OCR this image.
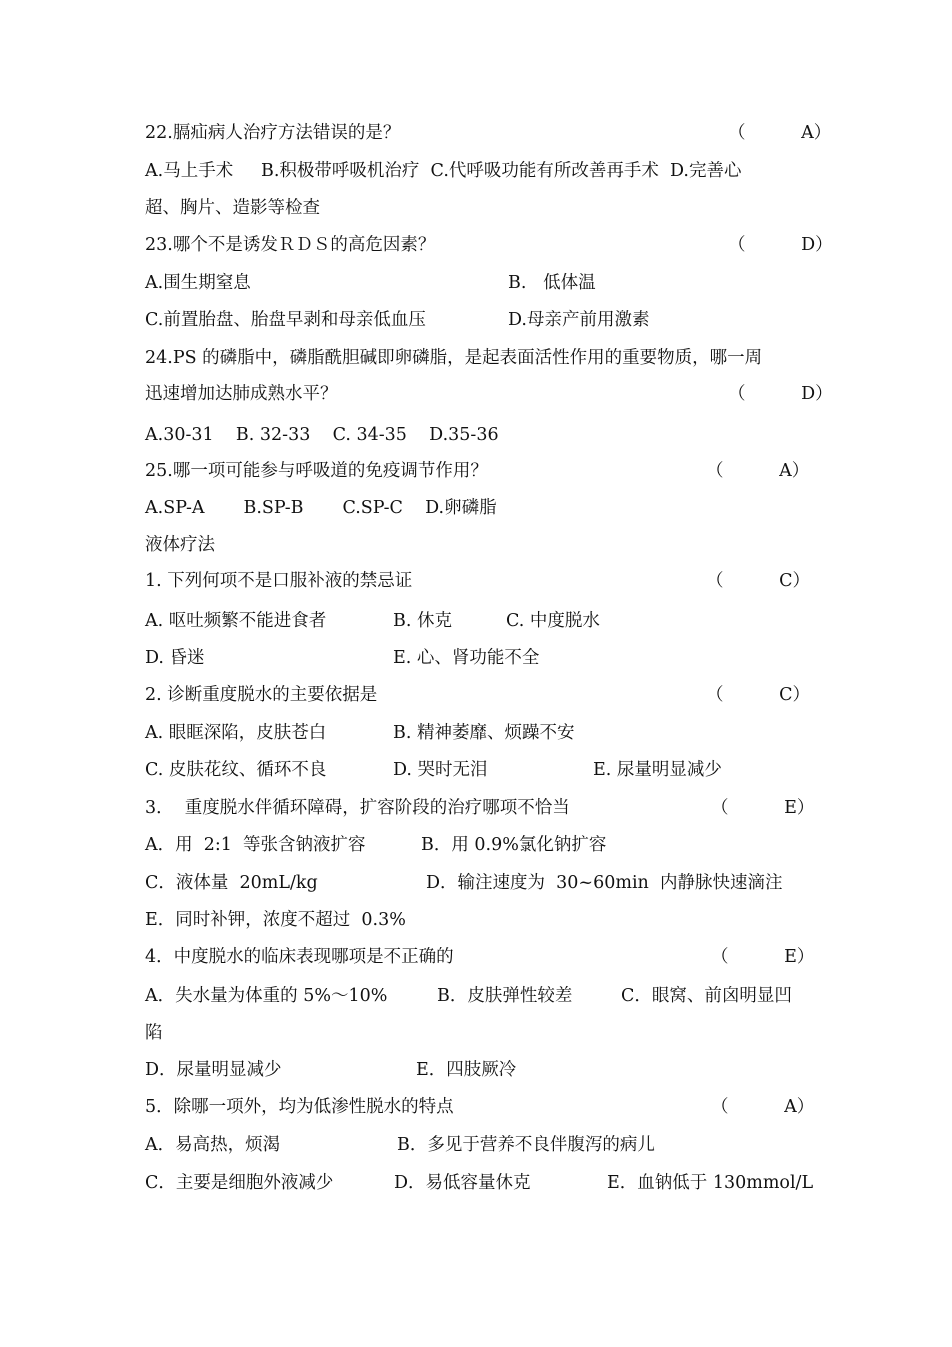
22.膈疝病人治疗方法错误的是？	（          A）
A.马上手术     B.积极带呼吸机治疗  C.代呼吸功能有所改善再手术  D.完善心
超、胸片、造影等检查
23.哪个不是诱发ＲＤＳ的高危因素？	（          D）
A.围生期窒息	B.   低体温
C.前置胎盘、胎盘早剥和母亲低血压	D.母亲产前用激素
24.PS 的磷脂中，磷脂酰胆碱即卵磷脂，是起表面活性作用的重要物质，哪一周
迅速增加达肺成熟水平？	（          D）
A.30-31    B. 32-33    C. 34-35    D.35-36
25.哪一项可能参与呼吸道的免疫调节作用？	（          A）
A.SP-A       B.SP-B       C.SP-C    D.卵磷脂
液体疗法
1. 下列何项不是口服补液的禁忌证	（          C）
A. 呕吐频繁不能进食者	B. 休克	C. 中度脱水
D. 昏迷	E. 心、肾功能不全
2. 诊断重度脱水的主要依据是	（          C）
A. 眼眶深陷，皮肤苍白	B. 精神萎靡、烦躁不安
C. 皮肤花纹、循环不良	D. 哭时无泪	E. 尿量明显减少
3．  重度脱水伴循环障碍，扩容阶段的治疗哪项不恰当	（          E）
A．用  2:1  等张含钠液扩容	B．用 0.9%氯化钠扩容
C．液体量  20mL/kg	D．输注速度为  30~60min  内静脉快速滴注
E．同时补钾，浓度不超过  0.3%
4．中度脱水的临床表现哪项是不正确的	（          E）
A．失水量为体重的 5%～10%	B．皮肤弹性较差	C．眼窝、前囟明显凹
陷
D．尿量明显减少	E．四肢厥冷
5．除哪一项外，均为低渗性脱水的特点	（          A）
A．易高热，烦渴	B．多见于营养不良伴腹泻的病儿
C．主要是细胞外液减少	D．易低容量休克	E．血钠低于 130mmol/L
